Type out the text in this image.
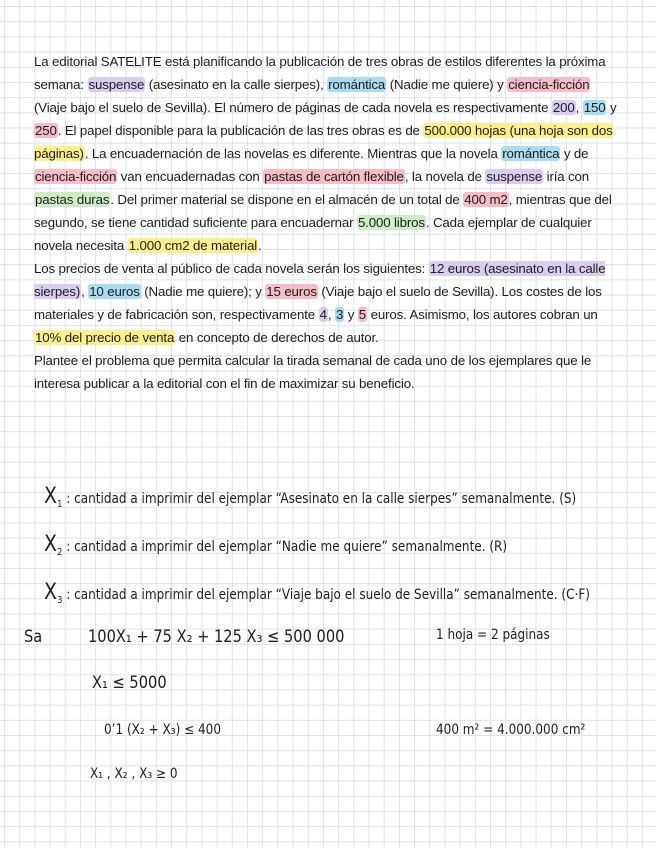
La editorial SATELITE está planificando la publicación de tres obras de estilos diferentes la próxima semana: suspense (asesinato en la calle sierpes), romántica (Nadie me quiere) y ciencia-ficción (Viaje bajo el suelo de Sevilla). El número de páginas de cada novela es respectivamente 200, 150 y 250. El papel disponible para la publicación de las tres obras es de 500.000 hojas (una hoja son dos páginas). La encuadernación de las novelas es diferente. Mientras que la novela romántica y de ciencia-ficción van encuadernadas con pastas de cartón flexible, la novela de suspense iría con pastas duras. Del primer material se dispone en el almacén de un total de 400 m2, mientras que del segundo, se tiene cantidad suficiente para encuadernar 5.000 libros. Cada ejemplar de cualquier novela necesita 1.000 cm2 de material.

Los precios de venta al público de cada novela serán los siguientes: 12 euros (asesinato en la calle sierpes), 10 euros (Nadie me quiere); y 15 euros (Viaje bajo el suelo de Sevilla). Los costes de los materiales y de fabricación son, respectivamente 4, 3 y 5 euros. Asimismo, los autores cobran un 10% del precio de venta en concepto de derechos de autor.

Plantee el problema que permita calcular la tirada semanal de cada uno de los ejemplares que le interesa publicar a la editorial con el fin de maximizar su beneficio.

$X_1$ : cantidad a imprimir del ejemplar “Asesinato en la calle sierpes” semanalmente. (S)
$X_2$ : cantidad a imprimir del ejemplar “Nadie me quiere” semanalmente. (R)
$X_3$ : cantidad a imprimir del ejemplar “Viaje bajo el suelo de Sevilla” semanalmente. (C·F)
Sa	100X₁ + 75 X₂ + 125 X₃ ≤ 500 000
X₁ ≤ 5000
0’1 (X₂ + X₃) ≤ 400
X₁ , X₂ , X₃ ≥ 0
1 hoja = 2 páginas
400 m² = 4.000.000 cm²
